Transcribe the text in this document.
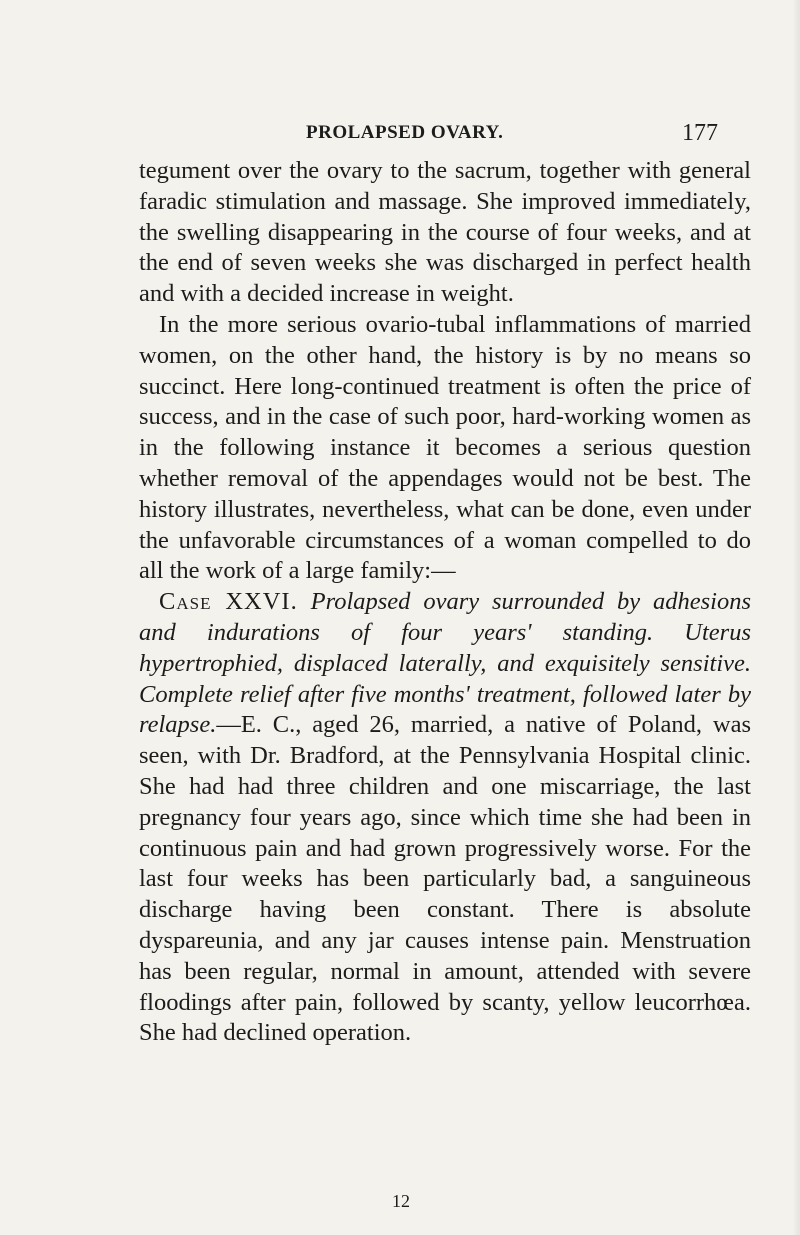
PROLAPSED OVARY.	177

tegument over the ovary to the sacrum, together with general faradic stimulation and massage. She improved immediately, the swelling disappearing in the course of four weeks, and at the end of seven weeks she was discharged in perfect health and with a decided increase in weight.

In the more serious ovario-tubal inflammations of married women, on the other hand, the history is by no means so succinct. Here long-continued treatment is often the price of success, and in the case of such poor, hard-working women as in the following instance it becomes a serious question whether removal of the appendages would not be best. The history illustrates, nevertheless, what can be done, even under the unfavorable circumstances of a woman compelled to do all the work of a large family:—

Case XXVI. Prolapsed ovary surrounded by adhesions and indurations of four years' standing. Uterus hypertrophied, displaced laterally, and exquisitely sensitive. Complete relief after five months' treatment, followed later by relapse.—E. C., aged 26, married, a native of Poland, was seen, with Dr. Bradford, at the Pennsylvania Hospital clinic. She had had three children and one miscarriage, the last pregnancy four years ago, since which time she had been in continuous pain and had grown progressively worse. For the last four weeks has been particularly bad, a sanguineous discharge having been constant. There is absolute dyspareunia, and any jar causes intense pain. Menstruation has been regular, normal in amount, attended with severe floodings after pain, followed by scanty, yellow leucorrhœa. She had declined operation.

12
